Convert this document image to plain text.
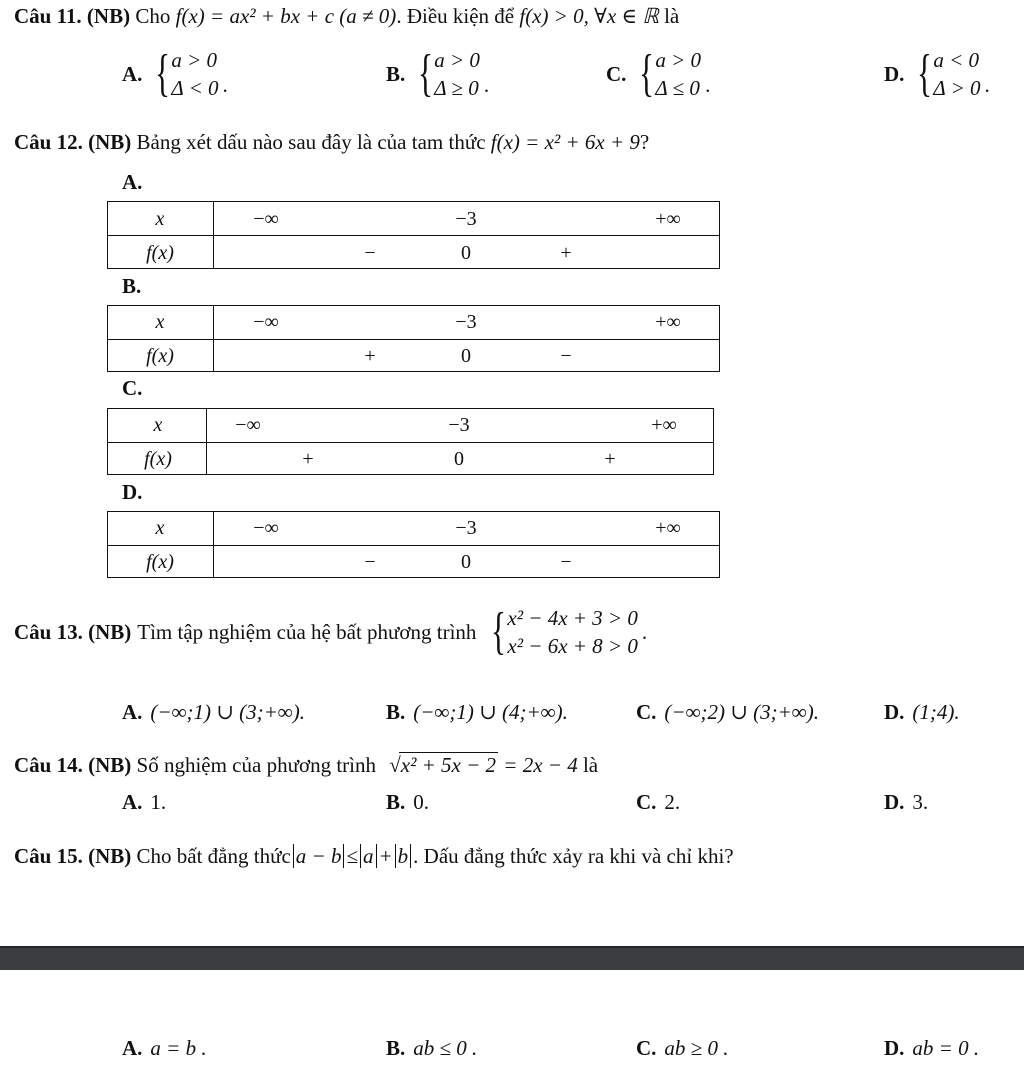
Câu 11. (NB) Cho f(x) = ax² + bx + c (a ≠ 0). Điều kiện để f(x) > 0, ∀x ∈ ℝ là
A. { a > 0
Δ < 0 .	B. { a > 0
Δ ≥ 0 .	C. { a > 0
Δ ≤ 0 .	D. { a < 0
Δ > 0 .
Câu 12. (NB) Bảng xét dấu nào sau đây là của tam thức f(x) = x² + 6x + 9?
A.
x	−∞	−3	+∞
f(x)	−	0	+
B.
x	−∞	−3	+∞
f(x)	+	0	−
C.
x	−∞	−3	+∞
f(x)	+	0	+
D.
x	−∞	−3	+∞
f(x)	−	0	−
Câu 13. (NB) Tìm tập nghiệm của hệ bất phương trình { x² − 4x + 3 > 0
x² − 6x + 8 > 0
.
A. (−∞;1) ∪ (3;+∞).	B. (−∞;1) ∪ (4;+∞).	C. (−∞;2) ∪ (3;+∞).	D. (1;4).
Câu 14. (NB) Số nghiệm của phương trình √x² + 5x − 2 = 2x − 4 là
A. 1.	B. 0.	C. 2.	D. 3.
Câu 15. (NB) Cho bất đẳng thức a − b ≤ a + b . Dấu đẳng thức xảy ra khi và chỉ khi?
A. a = b .	B. ab ≤ 0 .	C. ab ≥ 0 .	D. ab = 0 .
